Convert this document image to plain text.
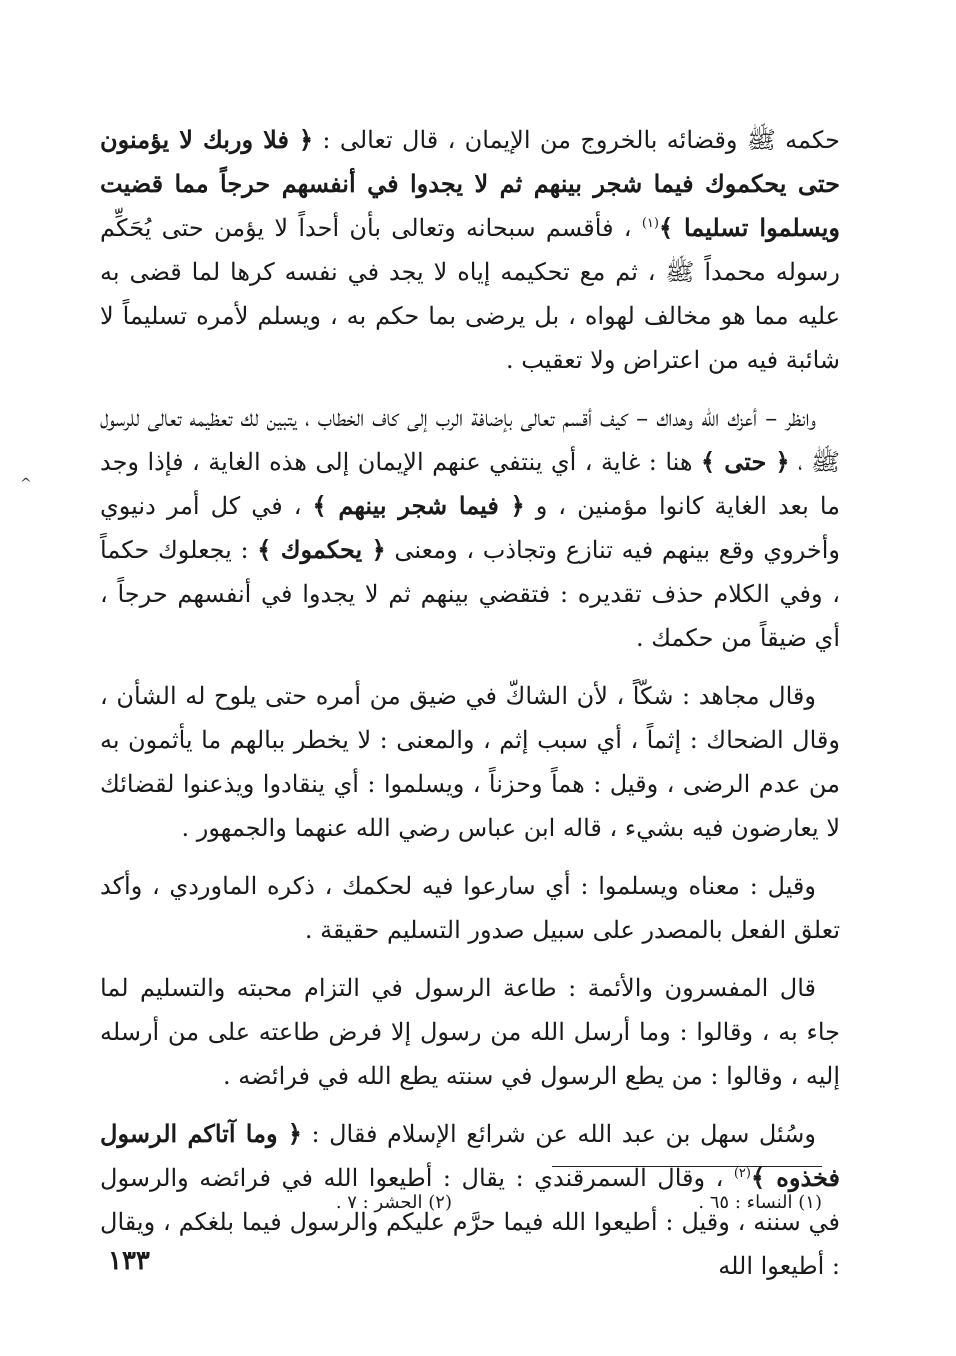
حكمه ﷺ وقضائه بالخروج من الإيمان ، قال تعالى : ﴿ فلا وربك لا يؤمنون حتى يحكموك فيما شجر بينهم ثم لا يجدوا في أنفسهم حرجاً مما قضيت ويسلموا تسليما ﴾$^{(١)}$ ، فأقسم سبحانه وتعالى بأن أحداً لا يؤمن حتى يُحَكِّم رسوله محمداً ﷺ ، ثم مع تحكيمه إياه لا يجد في نفسه كرها لما قضى به عليه مما هو مخالف لهواه ، بل يرضى بما حكم به ، ويسلم لأمره تسليماً لا شائبة فيه من اعتراض ولا تعقيب .

وانظر – أعزك الله وهداك – كيف أقسم تعالى بإضافة الرب إلى كاف الخطاب ، يتبين لك تعظيمه تعالى للرسول ﷺ ، ﴿ حتى ﴾ هنا : غاية ، أي ينتفي عنهم الإيمان إلى هذه الغاية ، فإذا وجد ما بعد الغاية كانوا مؤمنين ، و ﴿ فيما شجر بينهم ﴾ ، في كل أمر دنيوي وأخروي وقع بينهم فيه تنازع وتجاذب ، ومعنى ﴿ يحكموك ﴾ : يجعلوك حكماً ، وفي الكلام حذف تقديره : فتقضي بينهم ثم لا يجدوا في أنفسهم حرجاً ، أي ضيقاً من حكمك .

وقال مجاهد : شكّاً ، لأن الشاكّ في ضيق من أمره حتى يلوح له الشأن ، وقال الضحاك : إثماً ، أي سبب إثم ، والمعنى : لا يخطر ببالهم ما يأثمون به من عدم الرضى ، وقيل : هماً وحزناً ، ويسلموا : أي ينقادوا ويذعنوا لقضائك لا يعارضون فيه بشيء ، قاله ابن عباس رضي الله عنهما والجمهور .

وقيل : معناه ويسلموا : أي سارعوا فيه لحكمك ، ذكره الماوردي ، وأكد تعلق الفعل بالمصدر على سبيل صدور التسليم حقيقة .

قال المفسرون والأئمة : طاعة الرسول في التزام محبته والتسليم لما جاء به ، وقالوا : وما أرسل الله من رسول إلا فرض طاعته على من أرسله إليه ، وقالوا : من يطع الرسول في سنته يطع الله في فرائضه .

وسُئل سهل بن عبد الله عن شرائع الإسلام فقال : ﴿ وما آتاكم الرسول فخذوه ﴾$^{(٢)}$ ، وقال السمرقندي : يقال : أطيعوا الله في فرائضه والرسول في سننه ، وقيل : أطيعوا الله فيما حرَّم عليكم والرسول فيما بلغكم ، ويقال : أطيعوا الله

(١) النساء : ٦٥ .
(٢) الحشر : ٧ .
١٣٣
^
